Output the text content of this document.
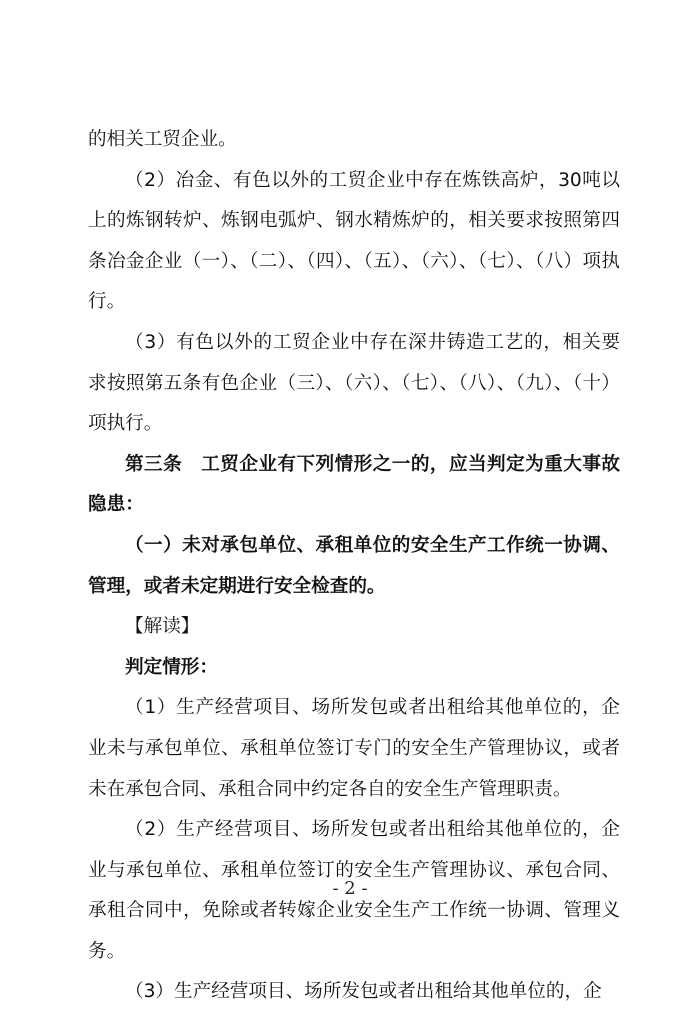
的相关工贸企业。

（2）冶金、有色以外的工贸企业中存在炼铁高炉，30吨以上的炼钢转炉、炼钢电弧炉、钢水精炼炉的，相关要求按照第四条冶金企业（一）、（二）、（四）、（五）、（六）、（七）、（八）项执行。

（3）有色以外的工贸企业中存在深井铸造工艺的，相关要求按照第五条有色企业（三）、（六）、（七）、（八）、（九）、（十）项执行。

第三条　工贸企业有下列情形之一的，应当判定为重大事故隐患：

（一）未对承包单位、承租单位的安全生产工作统一协调、管理，或者未定期进行安全检查的。

【解读】

判定情形：

（1）生产经营项目、场所发包或者出租给其他单位的，企业未与承包单位、承租单位签订专门的安全生产管理协议，或者未在承包合同、承租合同中约定各自的安全生产管理职责。

（2）生产经营项目、场所发包或者出租给其他单位的，企业与承包单位、承租单位签订的安全生产管理协议、承包合同、承租合同中，免除或者转嫁企业安全生产工作统一协调、管理义务。

（3）生产经营项目、场所发包或者出租给其他单位的，企

- 2 -
